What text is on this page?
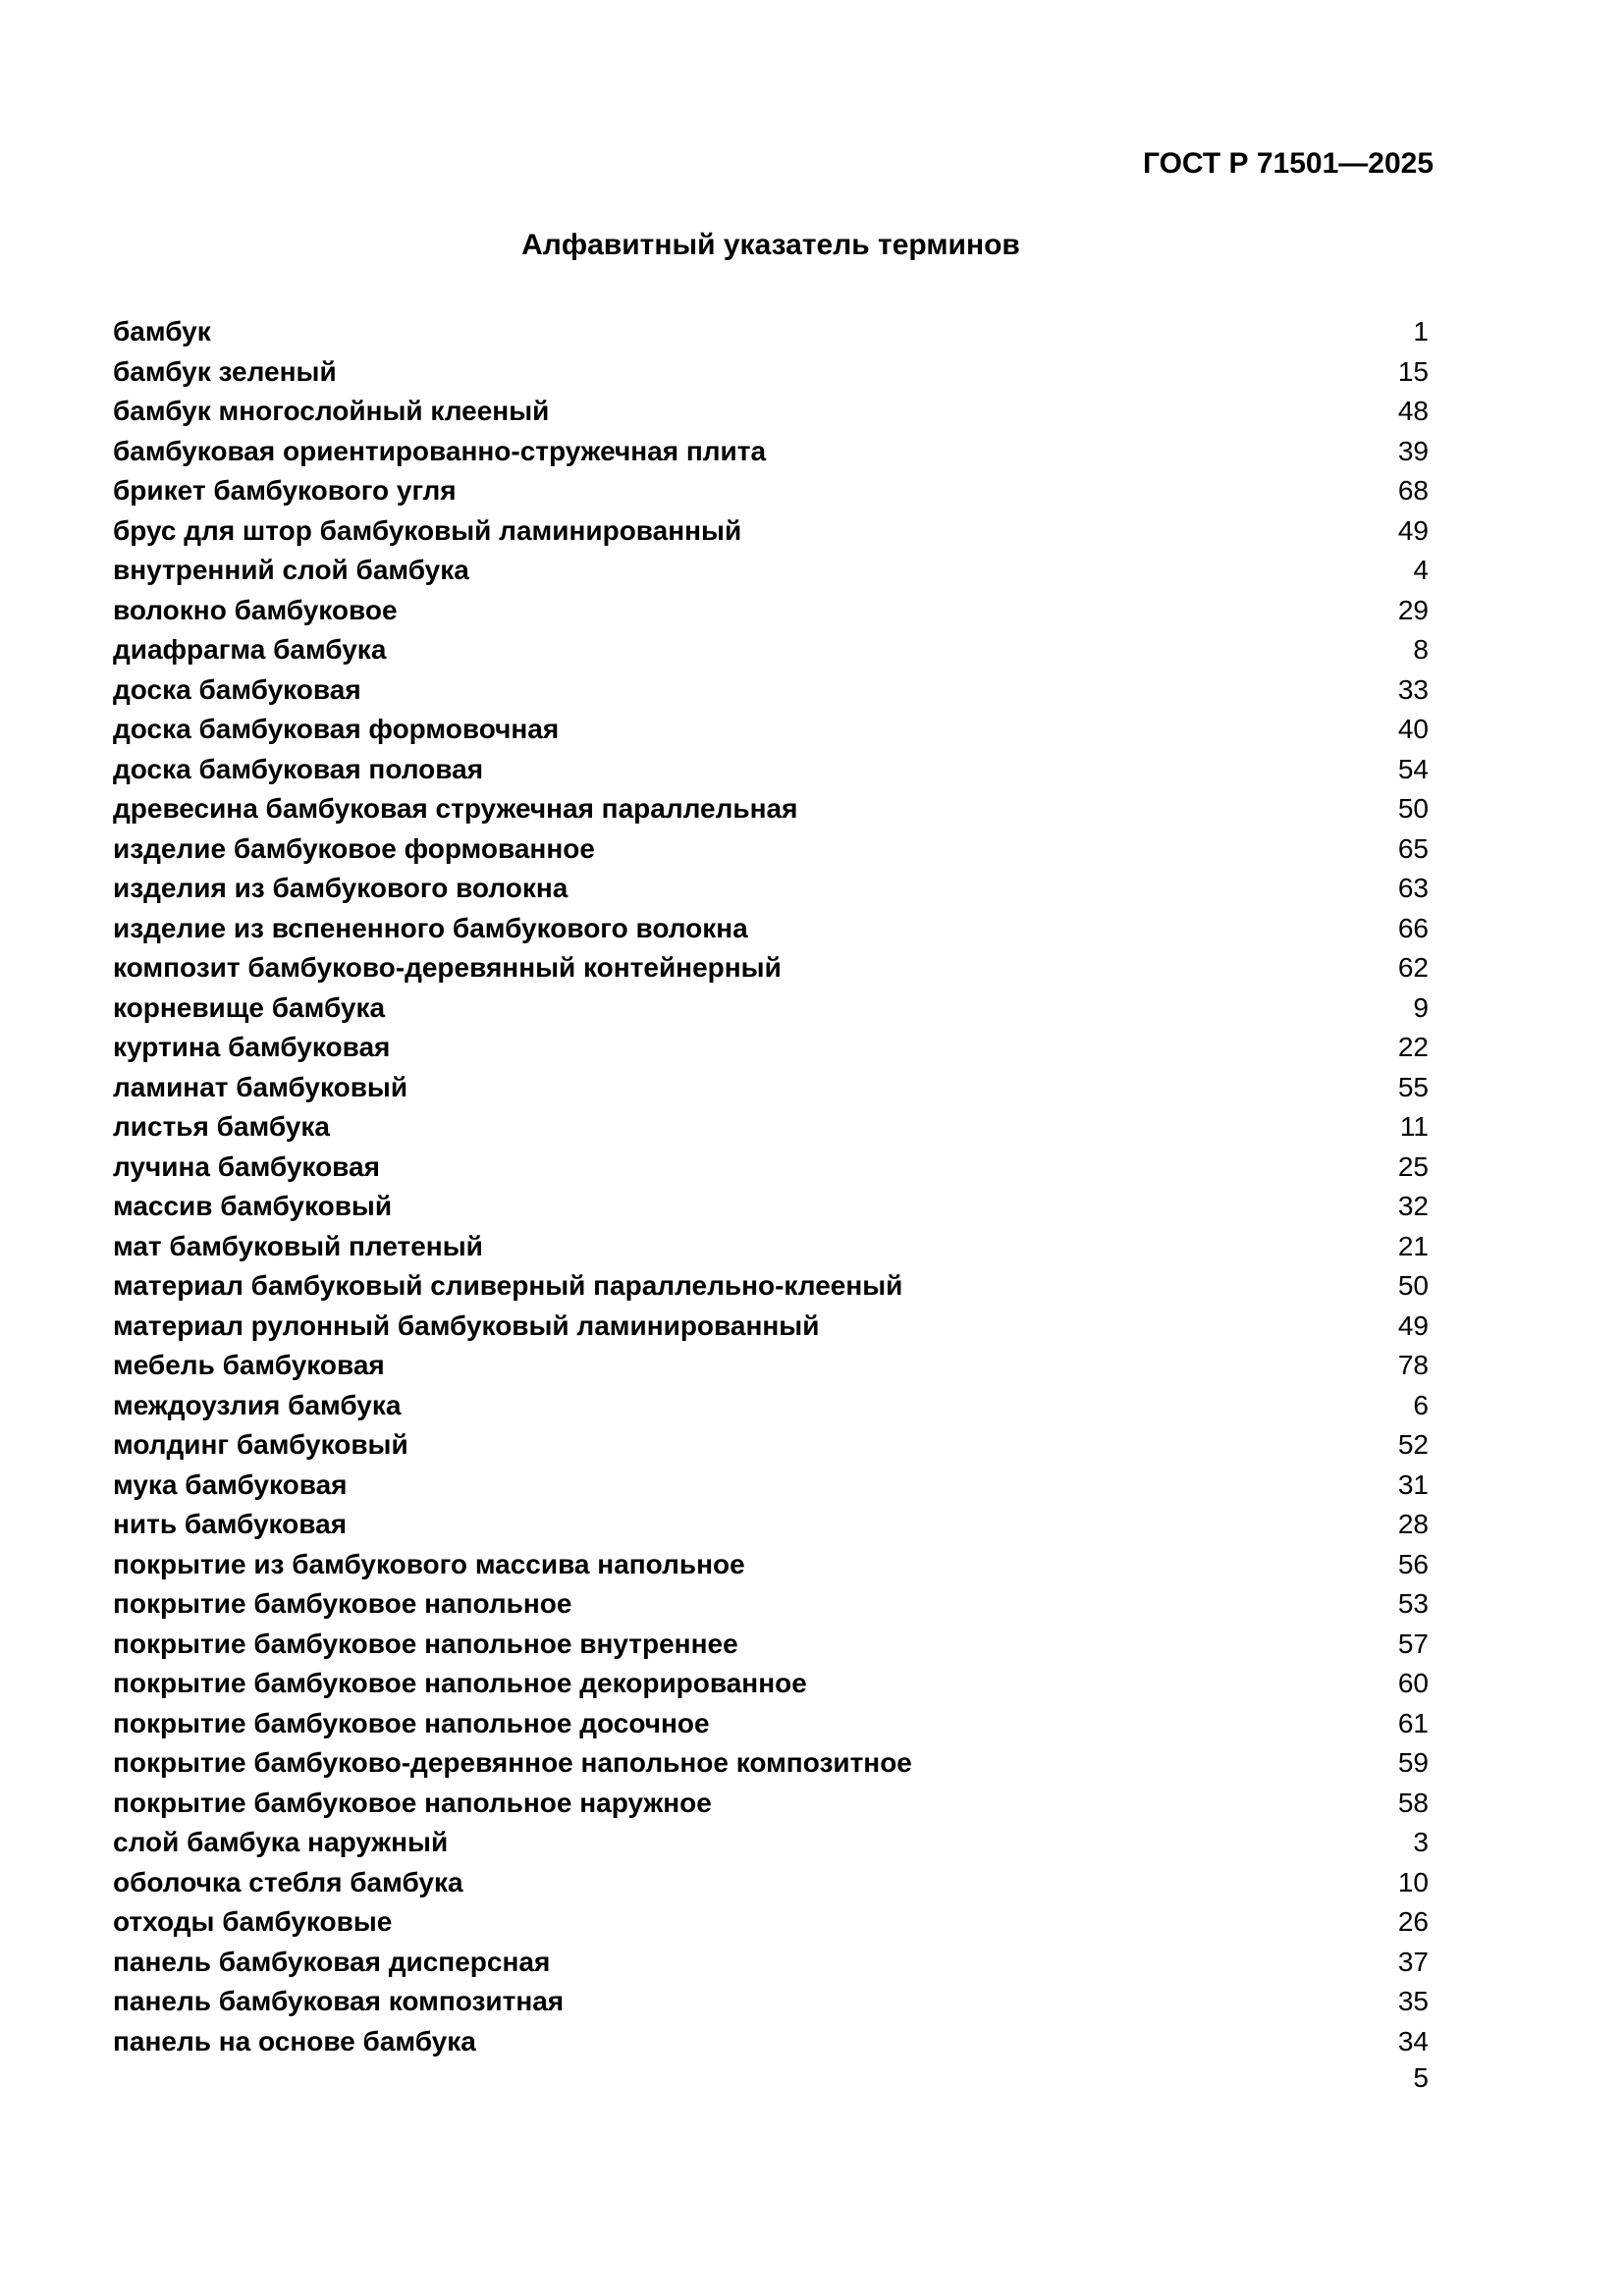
ГОСТ Р 71501—2025
Алфавитный указатель терминов
бамбук	1
бамбук зеленый	15
бамбук многослойный клееный	48
бамбуковая ориентированно-стружечная плита	39
брикет бамбукового угля	68
брус для штор бамбуковый ламинированный	49
внутренний слой бамбука	4
волокно бамбуковое	29
диафрагма бамбука	8
доска бамбуковая	33
доска бамбуковая формовочная	40
доска бамбуковая половая	54
древесина бамбуковая стружечная параллельная	50
изделие бамбуковое формованное	65
изделия из бамбукового волокна	63
изделие из вспененного бамбукового волокна	66
композит бамбуково-деревянный контейнерный	62
корневище бамбука	9
куртина бамбуковая	22
ламинат бамбуковый	55
листья бамбука	11
лучина бамбуковая	25
массив бамбуковый	32
мат бамбуковый плетеный	21
материал бамбуковый сливерный параллельно-клееный	50
материал рулонный бамбуковый ламинированный	49
мебель бамбуковая	78
междоузлия бамбука	6
молдинг бамбуковый	52
мука бамбуковая	31
нить бамбуковая	28
покрытие из бамбукового массива напольное	56
покрытие бамбуковое напольное	53
покрытие бамбуковое напольное внутреннее	57
покрытие бамбуковое напольное декорированное	60
покрытие бамбуковое напольное досочное	61
покрытие бамбуково-деревянное напольное композитное	59
покрытие бамбуковое напольное наружное	58
слой бамбука наружный	3
оболочка стебля бамбука	10
отходы бамбуковые	26
панель бамбуковая дисперсная	37
панель бамбуковая композитная	35
панель на основе бамбука	34
5
